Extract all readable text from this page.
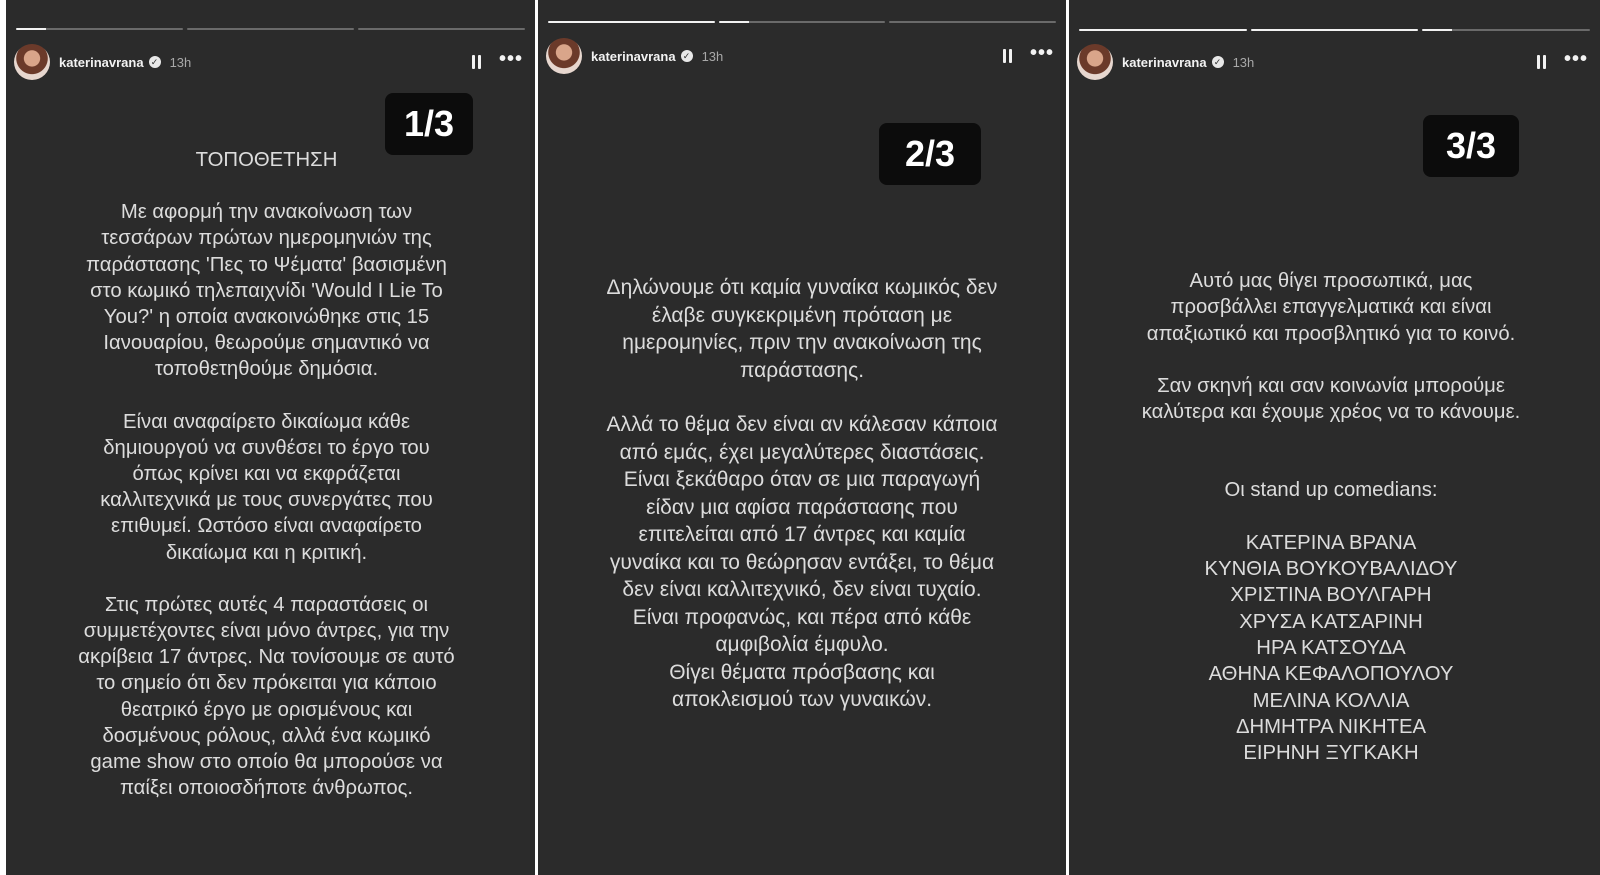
katerinavrana ✓ 13h	•••
1/3

ΤΟΠΟΘΕΤΗΣΗ

Με αφορμή την ανακοίνωση των

τεσσάρων πρώτων ημερομηνιών της

παράστασης 'Πες το Ψέματα' βασισμένη

στο κωμικό τηλεπαιχνίδι 'Would I Lie To

You?' η οποία ανακοινώθηκε στις 15

Ιανουαρίου, θεωρούμε σημαντικό να

τοποθετηθούμε δημόσια.

Είναι αναφαίρετο δικαίωμα κάθε

δημιουργού να συνθέσει το έργο του

όπως κρίνει και να εκφράζεται

καλλιτεχνικά με τους συνεργάτες που

επιθυμεί. Ωστόσο είναι αναφαίρετο

δικαίωμα και η κριτική.

Στις πρώτες αυτές 4 παραστάσεις οι

συμμετέχοντες είναι μόνο άντρες, για την

ακρίβεια 17 άντρες. Να τονίσουμε σε αυτό

το σημείο ότι δεν πρόκειται για κάποιο

θεατρικό έργο με ορισμένους και

δοσμένους ρόλους, αλλά ένα κωμικό

game show στο οποίο θα μπορούσε να

παίξει οποιοσδήποτε άνθρωπος.

katerinavrana ✓ 13h	•••
2/3

Δηλώνουμε ότι καμία γυναίκα κωμικός δεν

έλαβε συγκεκριμένη πρόταση με

ημερομηνίες, πριν την ανακοίνωση της

παράστασης.

Αλλά το θέμα δεν είναι αν κάλεσαν κάποια

από εμάς, έχει μεγαλύτερες διαστάσεις.

Είναι ξεκάθαρο όταν σε μια παραγωγή

είδαν μια αφίσα παράστασης που

επιτελείται από 17 άντρες και καμία

γυναίκα και το θεώρησαν εντάξει, το θέμα

δεν είναι καλλιτεχνικό, δεν είναι τυχαίο.

Είναι προφανώς, και πέρα από κάθε

αμφιβολία έμφυλο.

Θίγει θέματα πρόσβασης και

αποκλεισμού των γυναικών.

katerinavrana ✓ 13h	•••
3/3

Αυτό μας θίγει προσωπικά, μας

προσβάλλει επαγγελματικά και είναι

απαξιωτικό και προσβλητικό για το κοινό.

Σαν σκηνή και σαν κοινωνία μπορούμε

καλύτερα και έχουμε χρέος να το κάνουμε.

Οι stand up comedians:

ΚΑΤΕΡΙΝΑ ΒΡΑΝΑ

ΚΥΝΘΙΑ ΒΟΥΚΟΥΒΑΛΙΔΟΥ

ΧΡΙΣΤΙΝΑ ΒΟΥΛΓΑΡΗ

ΧΡΥΣΑ ΚΑΤΣΑΡΙΝΗ

ΗΡΑ ΚΑΤΣΟΥΔΑ

ΑΘΗΝΑ ΚΕΦΑΛΟΠΟΥΛΟΥ

ΜΕΛΙΝΑ ΚΟΛΛΙΑ

ΔΗΜΗΤΡΑ ΝΙΚΗΤΕΑ

ΕΙΡΗΝΗ ΞΥΓΚΑΚΗ
